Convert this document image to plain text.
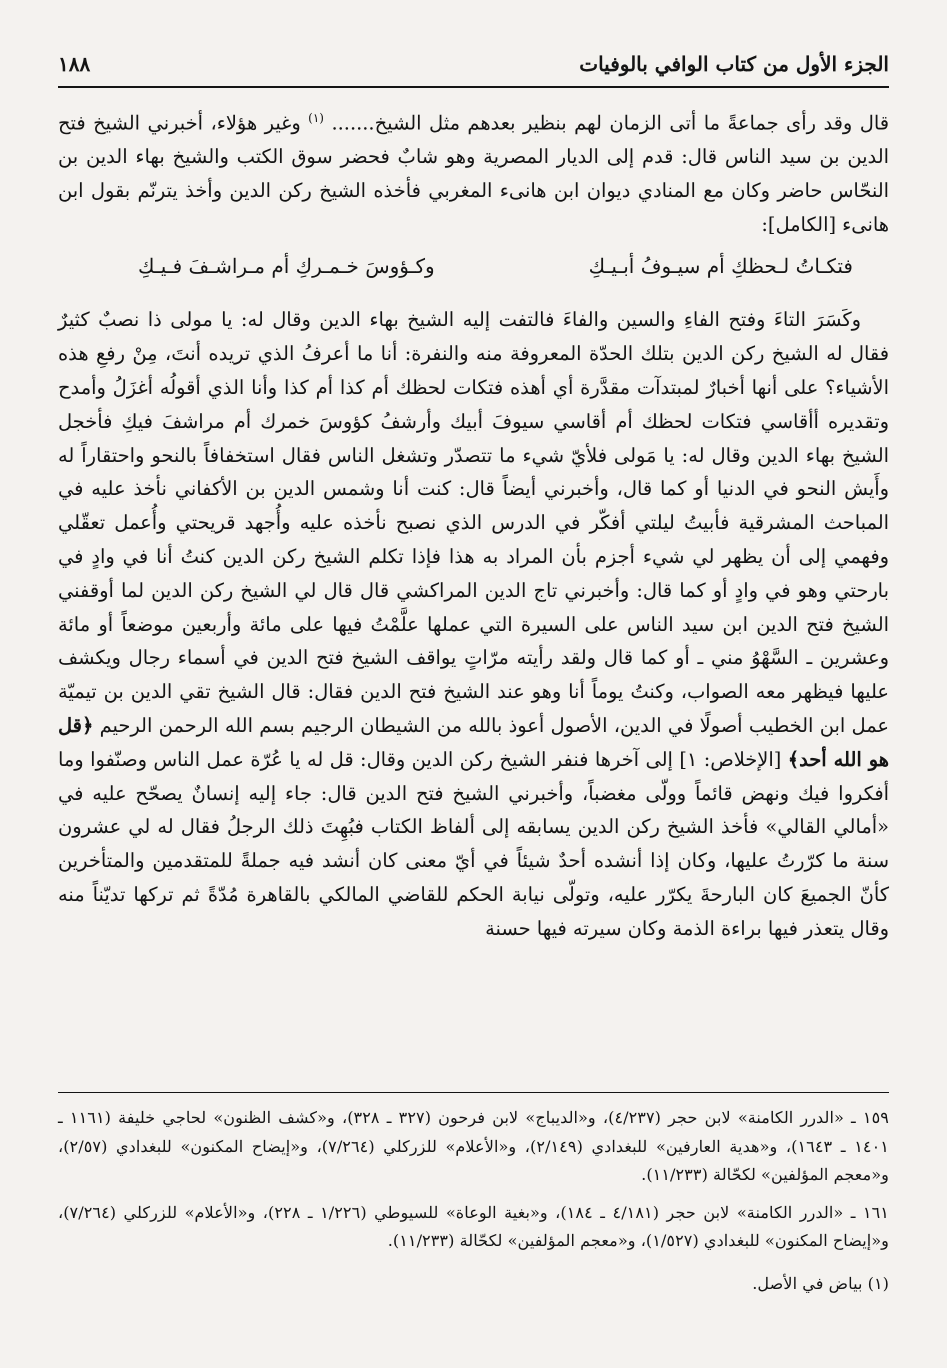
الجزء الأول من كتاب الوافي بالوفيات
١٨٨

قال وقد رأى جماعةً ما أتى الزمان لهم بنظير بعدهم مثل الشيخ....... $^{(١)}$ وغير هؤلاء، أخبرني الشيخ فتح الدين بن سيد الناس قال: قدم إلى الديار المصرية وهو شابٌ فحضر سوق الكتب والشيخ بهاء الدين بن النحّاس حاضر وكان مع المنادي ديوان ابن هانىء المغربي فأخذه الشيخ ركن الدين وأخذ يترنّم بقول ابن هانىء [الكامل]:

فتكـاتُ لـحظكِ أم سيـوفُ أبـيـكِ
وكـؤوسَ خـمـركِ أم مـراشـفَ فـيـكِ

وكَسَرَ التاءَ وفتح الفاءِ والسين والفاءَ فالتفت إليه الشيخ بهاء الدين وقال له: يا مولى ذا نصبٌ كثيرٌ فقال له الشيخ ركن الدين بتلك الحدّة المعروفة منه والنفرة: أنا ما أعرفُ الذي تريده أنتَ، مِنْ رفعِ هذه الأشياء؟ على أنها أخبارٌ لمبتدآت مقدَّرة أي أهذه فتكات لحظك أم كذا أم كذا وأنا الذي أقولُه أغزَلُ وأمدح وتقديره أأقاسي فتكات لحظك أم أقاسي سيوفَ أبيك وأرشفُ كؤوسَ خمرك أم مراشفَ فيكِ فأخجل الشيخ بهاء الدين وقال له: يا مَولى فلأيّ شيء ما تتصدّر وتشغل الناس فقال استخفافاً بالنحو واحتقاراً له وأَيش النحو في الدنيا أو كما قال، وأخبرني أيضاً قال: كنت أنا وشمس الدين بن الأكفاني نأخذ عليه في المباحث المشرقية فأبيتُ ليلتي أفكّر في الدرس الذي نصبح نأخذه عليه وأُجهد قريحتي وأُعمل تعقّلي وفهمي إلى أن يظهر لي شيء أجزم بأن المراد به هذا فإذا تكلم الشيخ ركن الدين كنتُ أنا في وادٍ في بارحتي وهو في وادٍ أو كما قال: وأخبرني تاج الدين المراكشي قال قال لي الشيخ ركن الدين لما أوقفني الشيخ فتح الدين ابن سيد الناس على السيرة التي عملها علَّمْتُ فيها على مائة وأربعين موضعاً أو مائة وعشرين ـ السَّهْوُ مني ـ أو كما قال ولقد رأيته مرّاتٍ يواقف الشيخ فتح الدين في أسماء رجال ويكشف عليها فيظهر معه الصواب، وكنتُ يوماً أنا وهو عند الشيخ فتح الدين فقال: قال الشيخ تقي الدين بن تيميّة عمل ابن الخطيب أصولًا في الدين، الأصول أعوذ بالله من الشيطان الرجيم بسم الله الرحمن الرحيم ﴿قل هو الله أحد﴾ [الإخلاص: ١] إلى آخرها فنفر الشيخ ركن الدين وقال: قل له يا عُرّة عمل الناس وصنّفوا وما أفكروا فيك ونهض قائماً وولّى مغضباً، وأخبرني الشيخ فتح الدين قال: جاء إليه إنسانٌ يصحّح عليه في «أمالي القالي» فأخذ الشيخ ركن الدين يسابقه إلى ألفاظ الكتاب فبُهِتَ ذلك الرجلُ فقال له لي عشرون سنة ما كرّرتُ عليها، وكان إذا أنشده أحدٌ شيئاً في أيّ معنى كان أنشد فيه جملةً للمتقدمين والمتأخرين كأنّ الجميعَ كان البارحةَ يكرّر عليه، وتولّى نيابة الحكم للقاضي المالكي بالقاهرة مُدّةً ثم تركها تديّناً منه وقال يتعذر فيها براءة الذمة وكان سيرته فيها حسنة

١٥٩ ـ «الدرر الكامنة» لابن حجر (٤/٢٣٧)، و«الديباج» لابن فرحون (٣٢٧ ـ ٣٢٨)، و«كشف الظنون» لحاجي خليفة (١١٦١ ـ ١٤٠١ ـ ١٦٤٣)، و«هدية العارفين» للبغدادي (٢/١٤٩)، و«الأعلام» للزركلي (٧/٢٦٤)، و«إيضاح المكنون» للبغدادي (٢/٥٧)، و«معجم المؤلفين» لكحّالة (١١/٢٣٣).

١٦١ ـ «الدرر الكامنة» لابن حجر (٤/١٨١ ـ ١٨٤)، و«بغية الوعاة» للسيوطي (١/٢٢٦ ـ ٢٢٨)، و«الأعلام» للزركلي (٧/٢٦٤)، و«إيضاح المكنون» للبغدادي (١/٥٢٧)، و«معجم المؤلفين» لكحّالة (١١/٢٣٣).

(١) بياض في الأصل.
